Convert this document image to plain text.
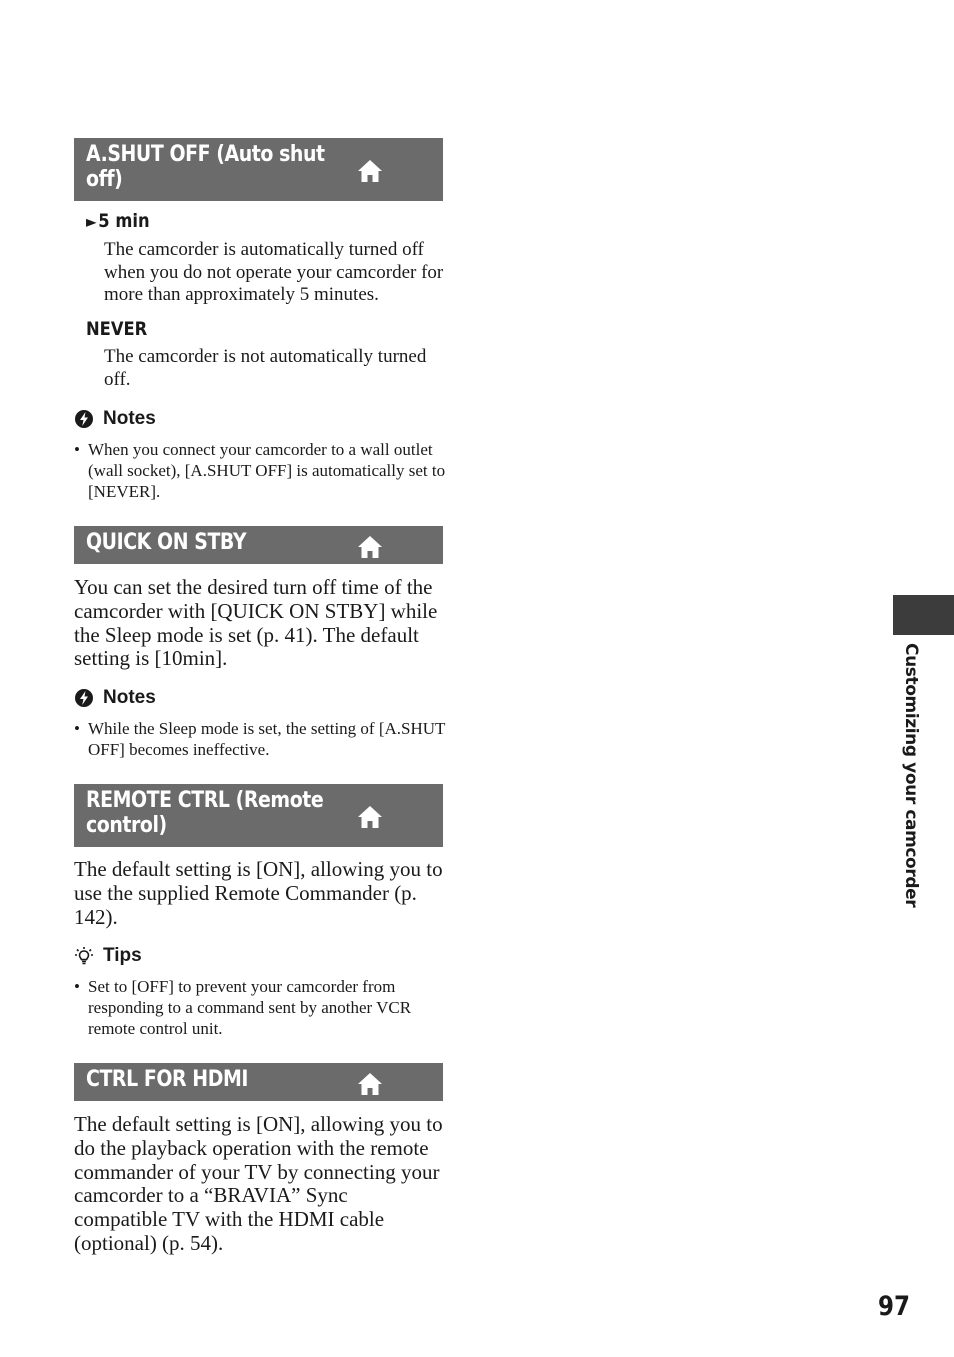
A.SHUT OFF (Auto shut off)
►5 min
The camcorder is automatically turned off when you do not operate your camcorder for more than approximately 5 minutes.
NEVER
The camcorder is not automatically turned off.
Notes
• When you connect your camcorder to a wall outlet (wall socket), [A.SHUT OFF] is automatically set to [NEVER].
QUICK ON STBY
You can set the desired turn off time of the camcorder with [QUICK ON STBY] while the Sleep mode is set (p. 41). The default setting is [10min].
Notes
• While the Sleep mode is set, the setting of [A.SHUT OFF] becomes ineffective.
REMOTE CTRL (Remote control)
The default setting is [ON], allowing you to use the supplied Remote Commander (p. 142).
Tips
• Set to [OFF] to prevent your camcorder from responding to a command sent by another VCR remote control unit.
CTRL FOR HDMI
The default setting is [ON], allowing you to do the playback operation with the remote commander of your TV by connecting your camcorder to a “BRAVIA” Sync compatible TV with the HDMI cable (optional) (p. 54).
Customizing your camcorder
97
